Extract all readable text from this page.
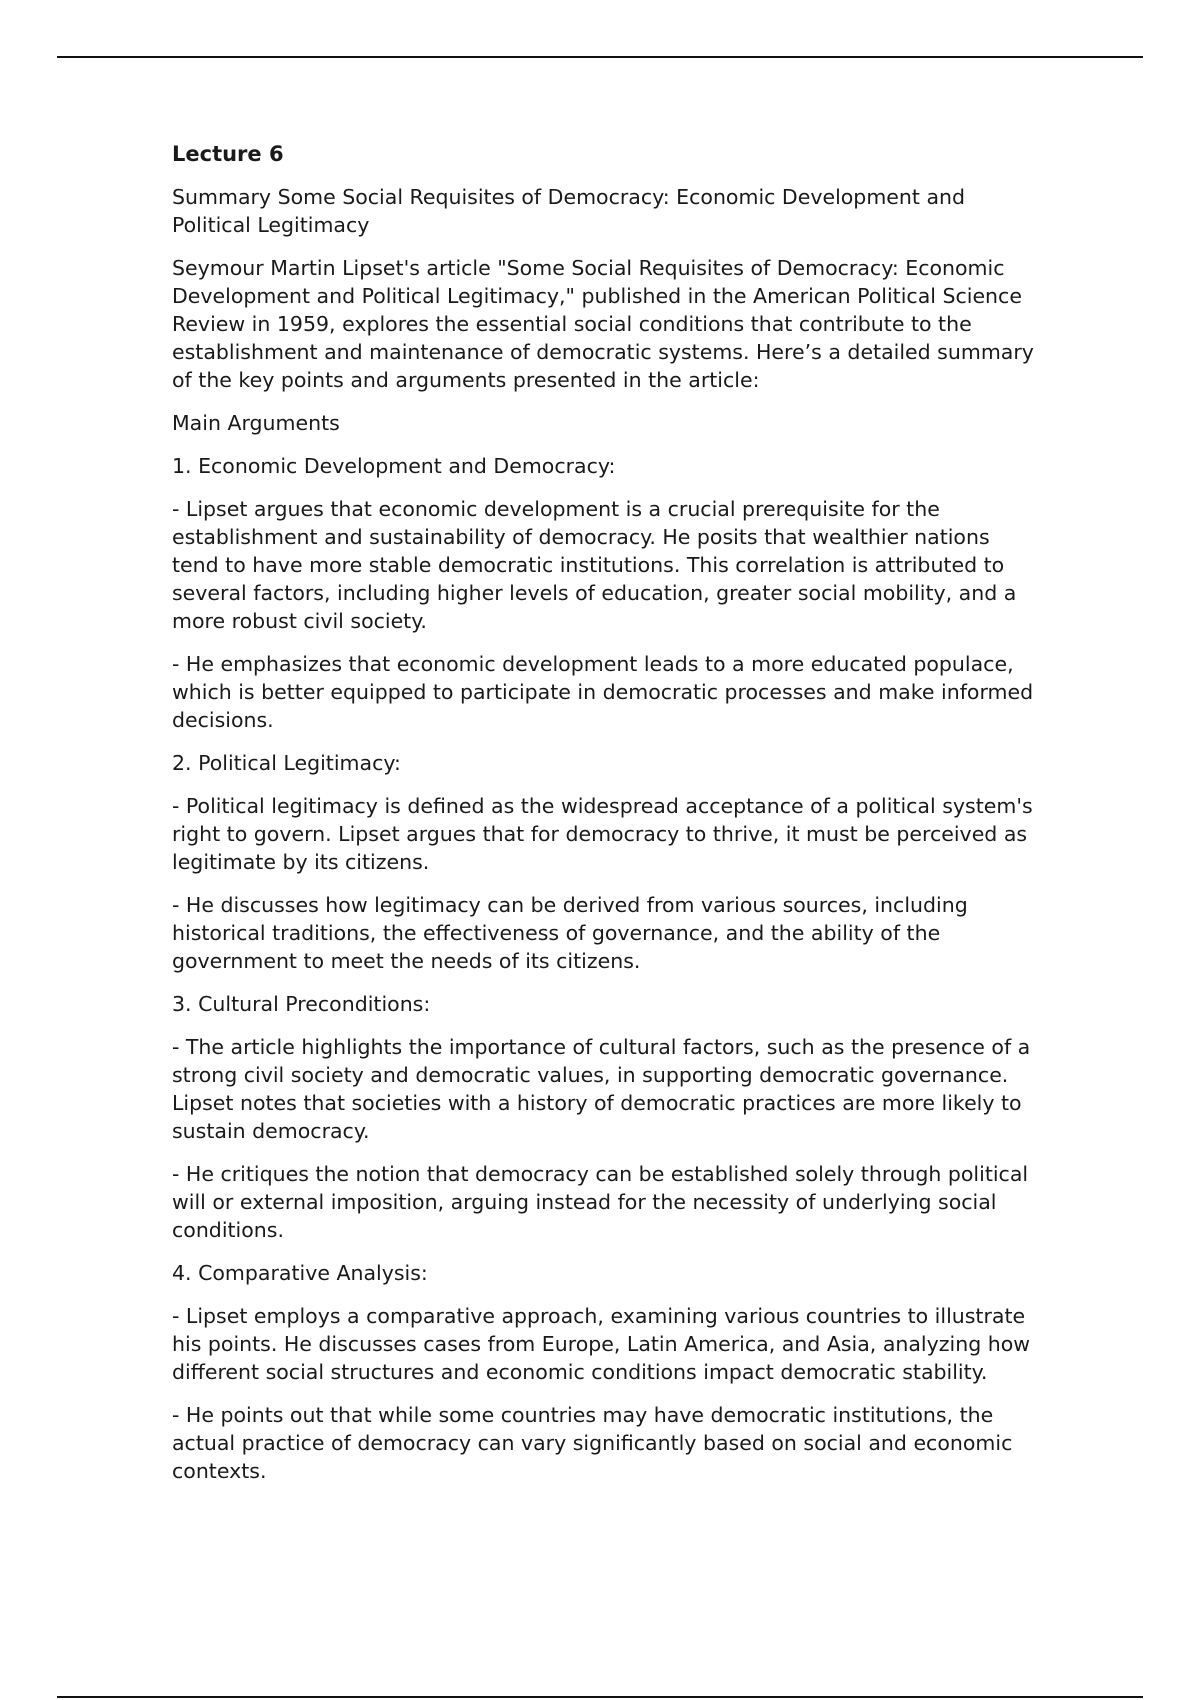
Lecture 6

Summary Some Social Requisites of Democracy: Economic Development and Political Legitimacy

Seymour Martin Lipset's article "Some Social Requisites of Democracy: Economic Development and Political Legitimacy," published in the American Political Science Review in 1959, explores the essential social conditions that contribute to the establishment and maintenance of democratic systems. Here’s a detailed summary of the key points and arguments presented in the article:

Main Arguments

1. Economic Development and Democracy:

- Lipset argues that economic development is a crucial prerequisite for the establishment and sustainability of democracy. He posits that wealthier nations tend to have more stable democratic institutions. This correlation is attributed to several factors, including higher levels of education, greater social mobility, and a more robust civil society.

- He emphasizes that economic development leads to a more educated populace, which is better equipped to participate in democratic processes and make informed decisions.

2. Political Legitimacy:

- Political legitimacy is defined as the widespread acceptance of a political system's right to govern. Lipset argues that for democracy to thrive, it must be perceived as legitimate by its citizens.

- He discusses how legitimacy can be derived from various sources, including historical traditions, the effectiveness of governance, and the ability of the government to meet the needs of its citizens.

3. Cultural Preconditions:

- The article highlights the importance of cultural factors, such as the presence of a strong civil society and democratic values, in supporting democratic governance. Lipset notes that societies with a history of democratic practices are more likely to sustain democracy.

- He critiques the notion that democracy can be established solely through political will or external imposition, arguing instead for the necessity of underlying social conditions.

4. Comparative Analysis:

- Lipset employs a comparative approach, examining various countries to illustrate his points. He discusses cases from Europe, Latin America, and Asia, analyzing how different social structures and economic conditions impact democratic stability.

- He points out that while some countries may have democratic institutions, the actual practice of democracy can vary significantly based on social and economic contexts.
